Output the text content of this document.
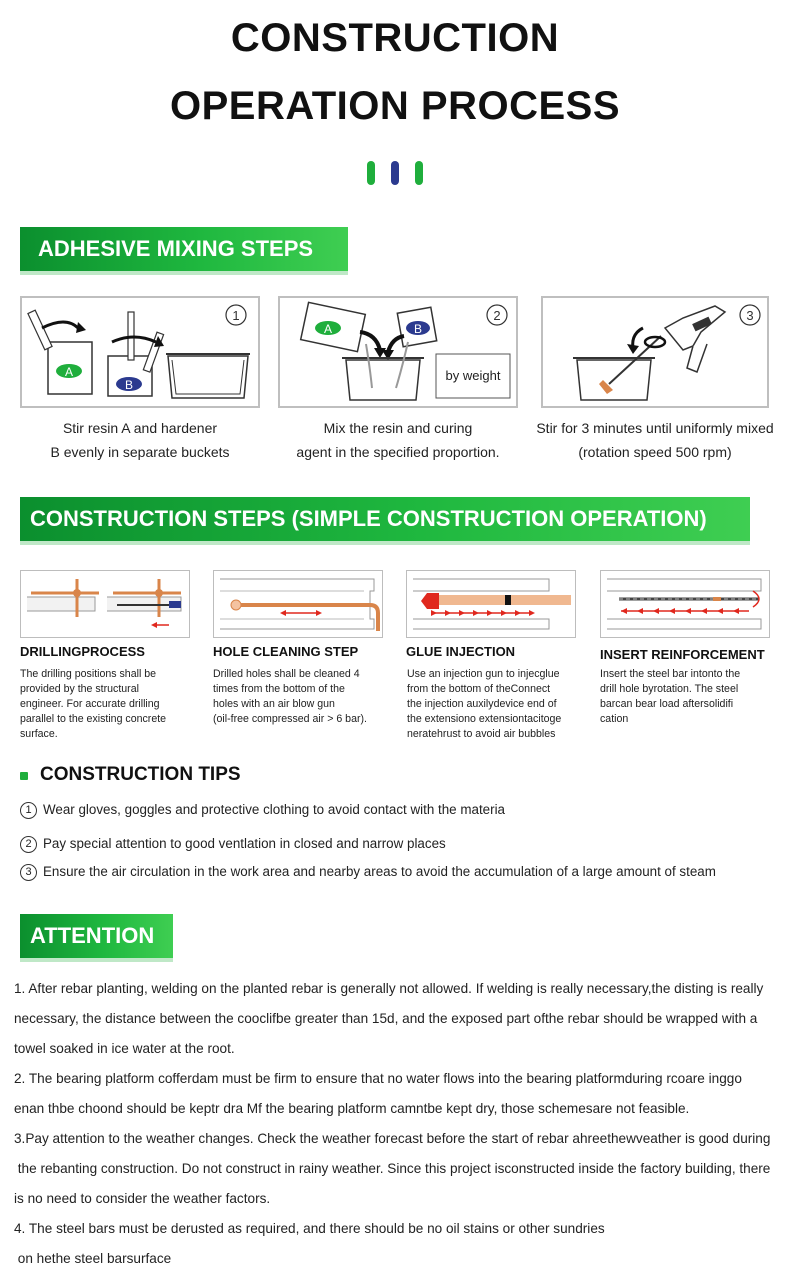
CONSTRUCTION
OPERATION PROCESS
ADHESIVE MIXING STEPS
1
A
B
Stir resin A and hardener
B evenly in separate buckets
2
A	B
by weight
Mix the resin and curing
agent in the specified proportion.
3
Stir for 3 minutes until uniformly mixed
(rotation speed 500 rpm)
CONSTRUCTION STEPS (SIMPLE CONSTRUCTION OPERATION)
DRILLINGPROCESS
The drilling positions shall be
provided by the structural
engineer. For accurate drilling
parallel to the existing concrete
surface.
HOLE CLEANING STEP
Drilled holes shall be cleaned 4
times from the bottom of the
holes with an air blow gun
(oil-free compressed air > 6 bar).
GLUE INJECTION
Use an injection gun to injecglue
from the bottom of theConnect
the injection auxilydevice end of
the extensiono extensiontacitoge
neratehrust to avoid air bubbles
INSERT REINFORCEMENT
Insert the steel bar intonto the
drill hole byrotation. The steel
barcan bear load aftersolidifi
cation
CONSTRUCTION TIPS
1 Wear gloves, goggles and protective clothing to avoid contact with the materia
2 Pay special attention to good ventlation in closed and narrow places
3 Ensure the air circulation in the work area and nearby areas to avoid the accumulation of a large amount of steam
ATTENTION
1. After rebar planting, welding on the planted rebar is generally not allowed. If welding is really necessary,the disting is really
necessary, the distance between the cooclifbe greater than 15d, and the exposed part ofthe rebar should be wrapped with a
towel soaked in ice water at the root.
2. The bearing platform cofferdam must be firm to ensure that no water flows into the bearing platformduring rcoare inggo
enan thbe choond should be keptr dra Mf the bearing platform camntbe kept dry, those schemesare not feasible.
3.Pay attention to the weather changes. Check the weather forecast before the start of rebar ahreethewveather is good during
the rebanting construction. Do not construct in rainy weather. Since this project isconstructed inside the factory building, there
is no need to consider the weather factors.
4. The steel bars must be derusted as required, and there should be no oil stains or other sundries
on hethe steel barsurface
